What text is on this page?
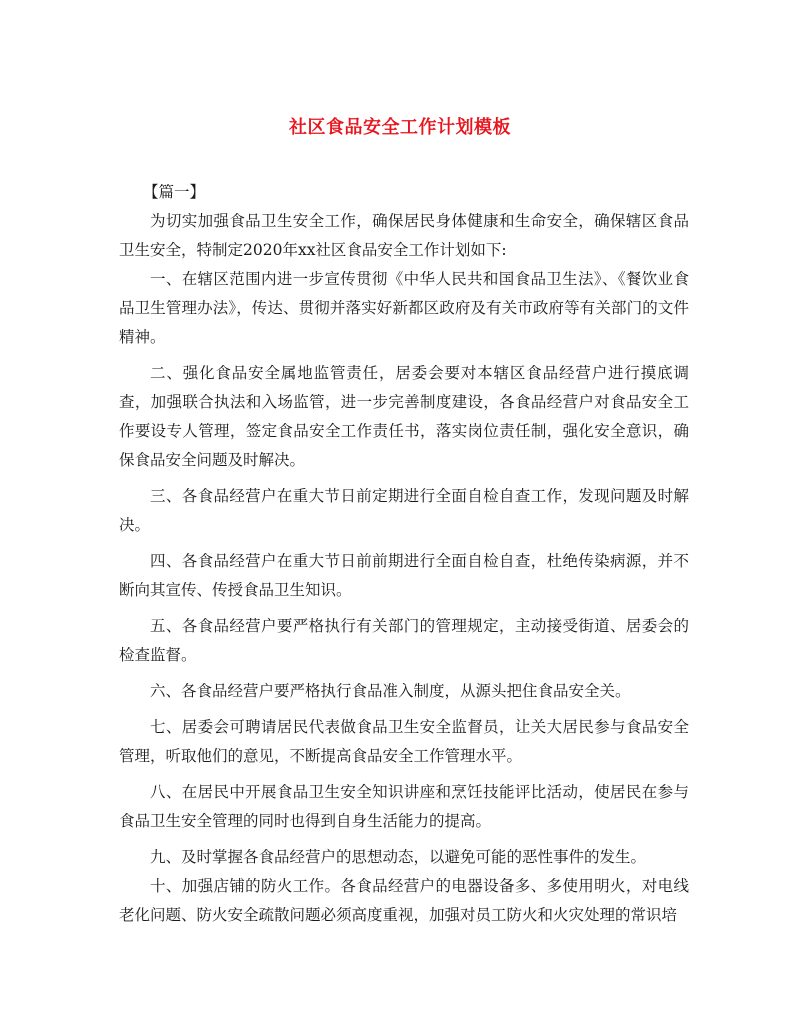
社区食品安全工作计划模板

【篇一】

为切实加强食品卫生安全工作，确保居民身体健康和生命安全，确保辖区食品卫生安全，特制定2020年xx社区食品安全工作计划如下:

一、在辖区范围内进一步宣传贯彻《中华人民共和国食品卫生法》、《餐饮业食品卫生管理办法》，传达、贯彻并落实好新都区政府及有关市政府等有关部门的文件精神。

二、强化食品安全属地监管责任，居委会要对本辖区食品经营户进行摸底调查，加强联合执法和入场监管，进一步完善制度建设，各食品经营户对食品安全工作要设专人管理，签定食品安全工作责任书，落实岗位责任制，强化安全意识，确保食品安全问题及时解决。

三、各食品经营户在重大节日前定期进行全面自检自查工作，发现问题及时解决。

四、各食品经营户在重大节日前前期进行全面自检自查，杜绝传染病源，并不断向其宣传、传授食品卫生知识。

五、各食品经营户要严格执行有关部门的管理规定，主动接受街道、居委会的检查监督。

六、各食品经营户要严格执行食品准入制度，从源头把住食品安全关。

七、居委会可聘请居民代表做食品卫生安全监督员，让关大居民参与食品安全管理，听取他们的意见，不断提高食品安全工作管理水平。

八、在居民中开展食品卫生安全知识讲座和烹饪技能评比活动，使居民在参与食品卫生安全管理的同时也得到自身生活能力的提高。

九、及时掌握各食品经营户的思想动态，以避免可能的恶性事件的发生。

十、加强店铺的防火工作。各食品经营户的电器设备多、多使用明火，对电线老化问题、防火安全疏散问题必须高度重视，加强对员工防火和火灾处理的常识培
